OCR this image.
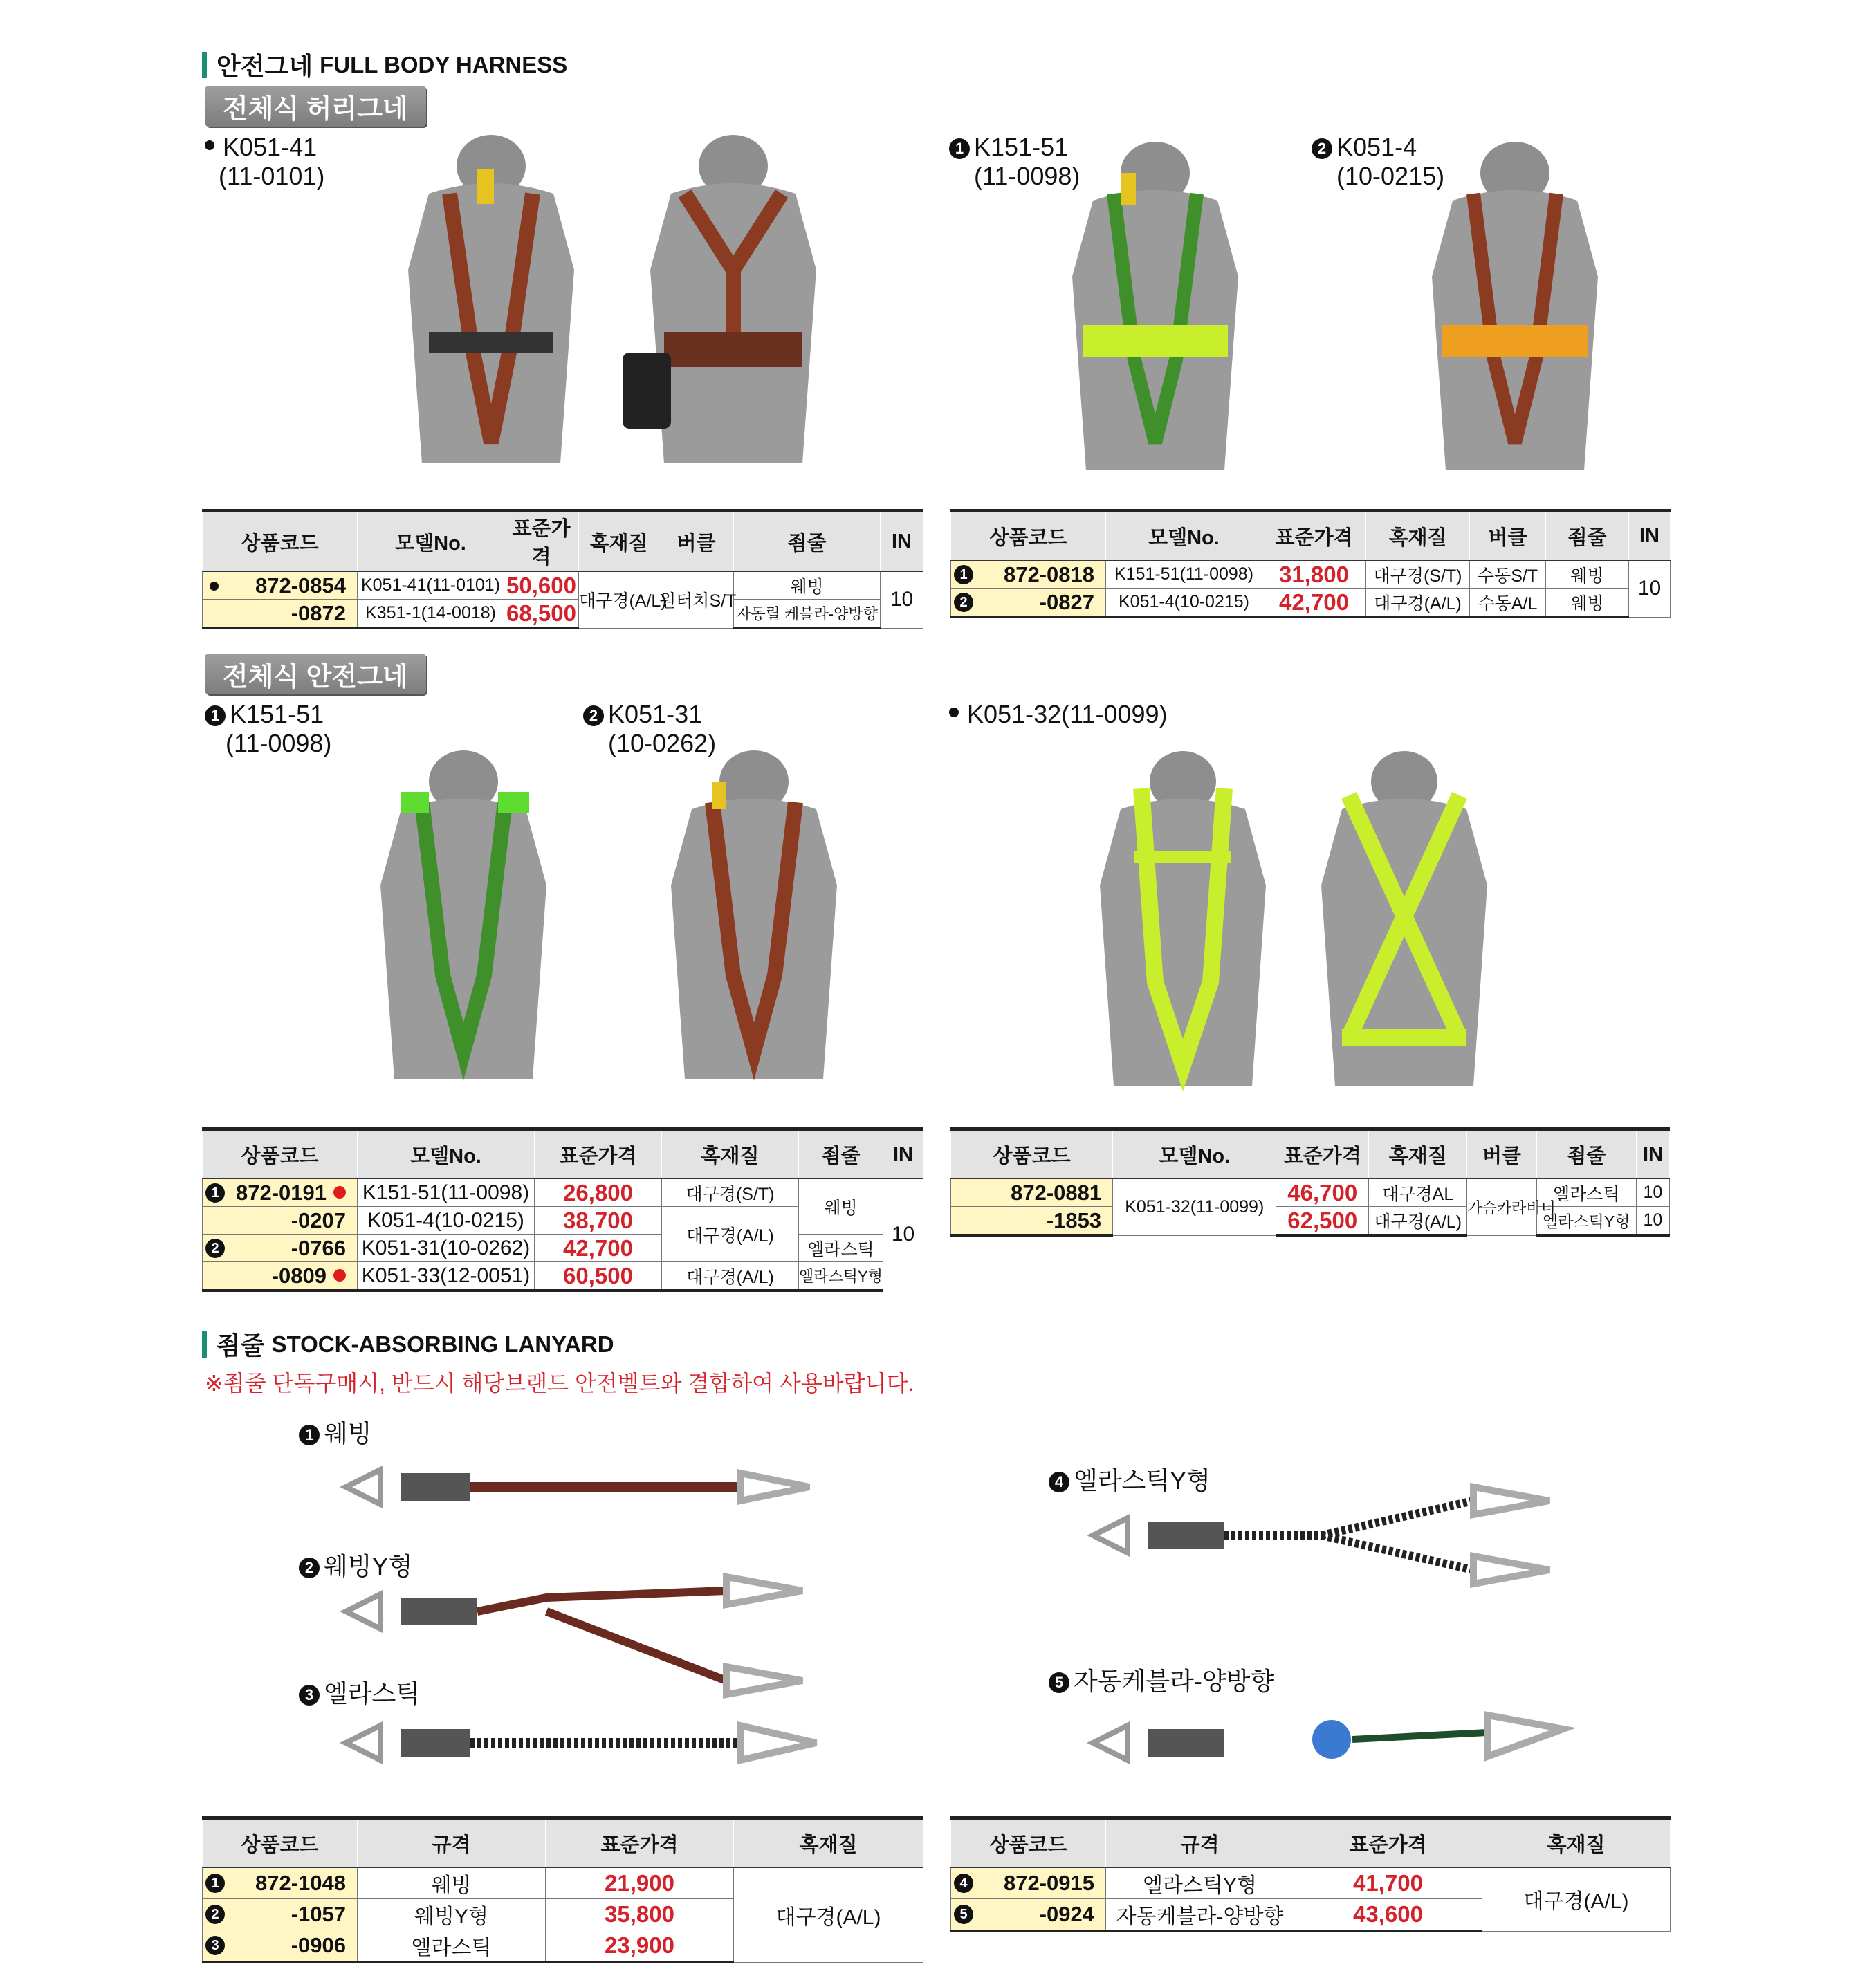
안전그네 FULL BODY HARNESS
전체식 허리그네
K051-41
(11-0101)
1 K151-51
(11-0098)
2 K051-4
(10-0215)
상품코드	모델No.	표준가격	혹재질	버클	죔줄	IN

872-0854	K051-41(11-0101)	50,600	대구경(A/L)	원터치S/T	웨빙	10
-0872	K351-1(14-0018)	68,500			자동릴 케블라-양방향	
상품코드	모델No.	표준가격	혹재질	버클	죔줄	IN

1 872-0818	K151-51(11-0098)	31,800	대구경(S/T)	수동S/T	웨빙	10

2 -0827	K051-4(10-0215)	42,700	대구경(A/L)	수동A/L	웨빙	
전체식 안전그네
1 K151-51
(11-0098)
2 K051-31
(10-0262)
K051-32(11-0099)
상품코드	모델No.	표준가격	혹재질	죔줄	IN

1 872-0191	K151-51(11-0098)	26,800	대구경(S/T)	웨빙	10
-0207	K051-4(10-0215)	38,700	대구경(A/L)		

2 -0766	K051-31(10-0262)	42,700		엘라스틱	
-0809	K051-33(12-0051)	60,500	대구경(A/L)	엘라스틱Y형	
상품코드	모델No.	표준가격	혹재질	버클	죔줄	IN
872-0881	K051-32(11-0099)	46,700	대구경AL	가슴카라비너	엘라스틱	10
-1853		62,500	대구경(A/L)		엘라스틱Y형	10
죔줄 STOCK-ABSORBING LANYARD
※죔줄 단독구매시, 반드시 해당브랜드 안전벨트와 결합하여 사용바랍니다.
1 웨빙
2 웨빙Y형
3 엘라스틱
4 엘라스틱Y형
5 자동케블라-양방향
상품코드	규격	표준가격	혹재질

1 872-1048	웨빙	21,900	대구경(A/L)

2 -1057	웨빙Y형	35,800	

3 -0906	엘라스틱	23,900	
상품코드	규격	표준가격	혹재질

4 872-0915	엘라스틱Y형	41,700	대구경(A/L)

5 -0924	자동케블라-양방향	43,600	
